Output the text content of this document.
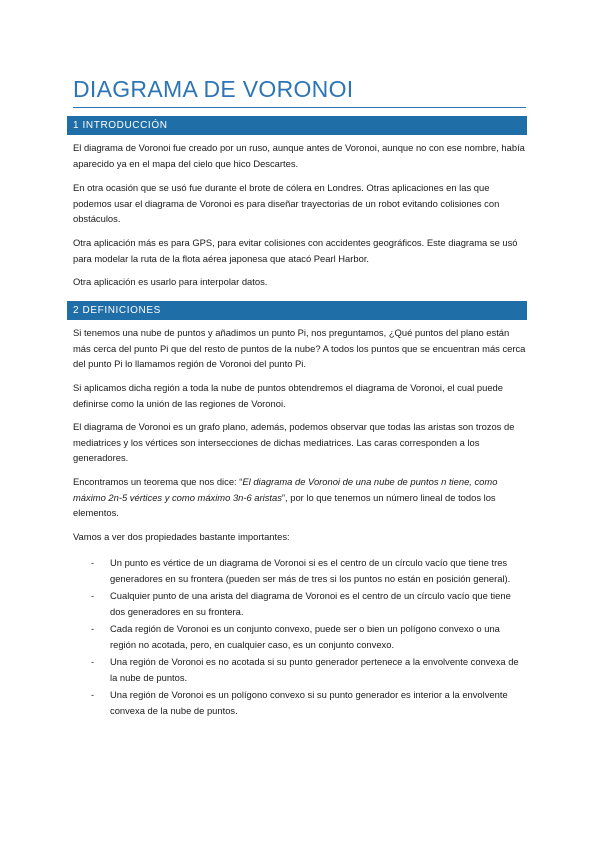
DIAGRAMA DE VORONOI
1 INTRODUCCIÓN

El diagrama de Voronoi fue creado por un ruso, aunque antes de Voronoi, aunque no con ese nombre, había aparecido ya en el mapa del cielo que hico Descartes.

En otra ocasión que se usó fue durante el brote de cólera en Londres. Otras aplicaciones en las que podemos usar el diagrama de Voronoi es para diseñar trayectorias de un robot evitando colisiones con obstáculos.

Otra aplicación más es para GPS, para evitar colisiones con accidentes geográficos. Este diagrama se usó para modelar la ruta de la flota aérea japonesa que atacó Pearl Harbor.

Otra aplicación es usarlo para interpolar datos.

2 DEFINICIONES

Si tenemos una nube de puntos y añadimos un punto Pi, nos preguntamos, ¿Qué puntos del plano están más cerca del punto Pi que del resto de puntos de la nube? A todos los puntos que se encuentran más cerca del punto Pi lo llamamos región de Voronoi del punto Pi.

Si aplicamos dicha región a toda la nube de puntos obtendremos el diagrama de Voronoi, el cual puede definirse como la unión de las regiones de Voronoi.

El diagrama de Voronoi es un grafo plano, además, podemos observar que todas las aristas son trozos de mediatrices y los vértices son intersecciones de dichas mediatrices. Las caras corresponden a los generadores.

Encontramos un teorema que nos dice: “El diagrama de Voronoi de una nube de puntos n tiene, como máximo 2n-5 vértices y como máximo 3n-6 aristas”, por lo que tenemos un número lineal de todos los elementos.

Vamos a ver dos propiedades bastante importantes:

- Un punto es vértice de un diagrama de Voronoi si es el centro de un círculo vacío que tiene tres generadores en su frontera (pueden ser más de tres si los puntos no están en posición general).
- Cualquier punto de una arista del diagrama de Voronoi es el centro de un círculo vacío que tiene dos generadores en su frontera.
- Cada región de Voronoi es un conjunto convexo, puede ser o bien un polígono convexo o una región no acotada, pero, en cualquier caso, es un conjunto convexo.
- Una región de Voronoi es no acotada si su punto generador pertenece a la envolvente convexa de la nube de puntos.
- Una región de Voronoi es un polígono convexo si su punto generador es interior a la envolvente convexa de la nube de puntos.
